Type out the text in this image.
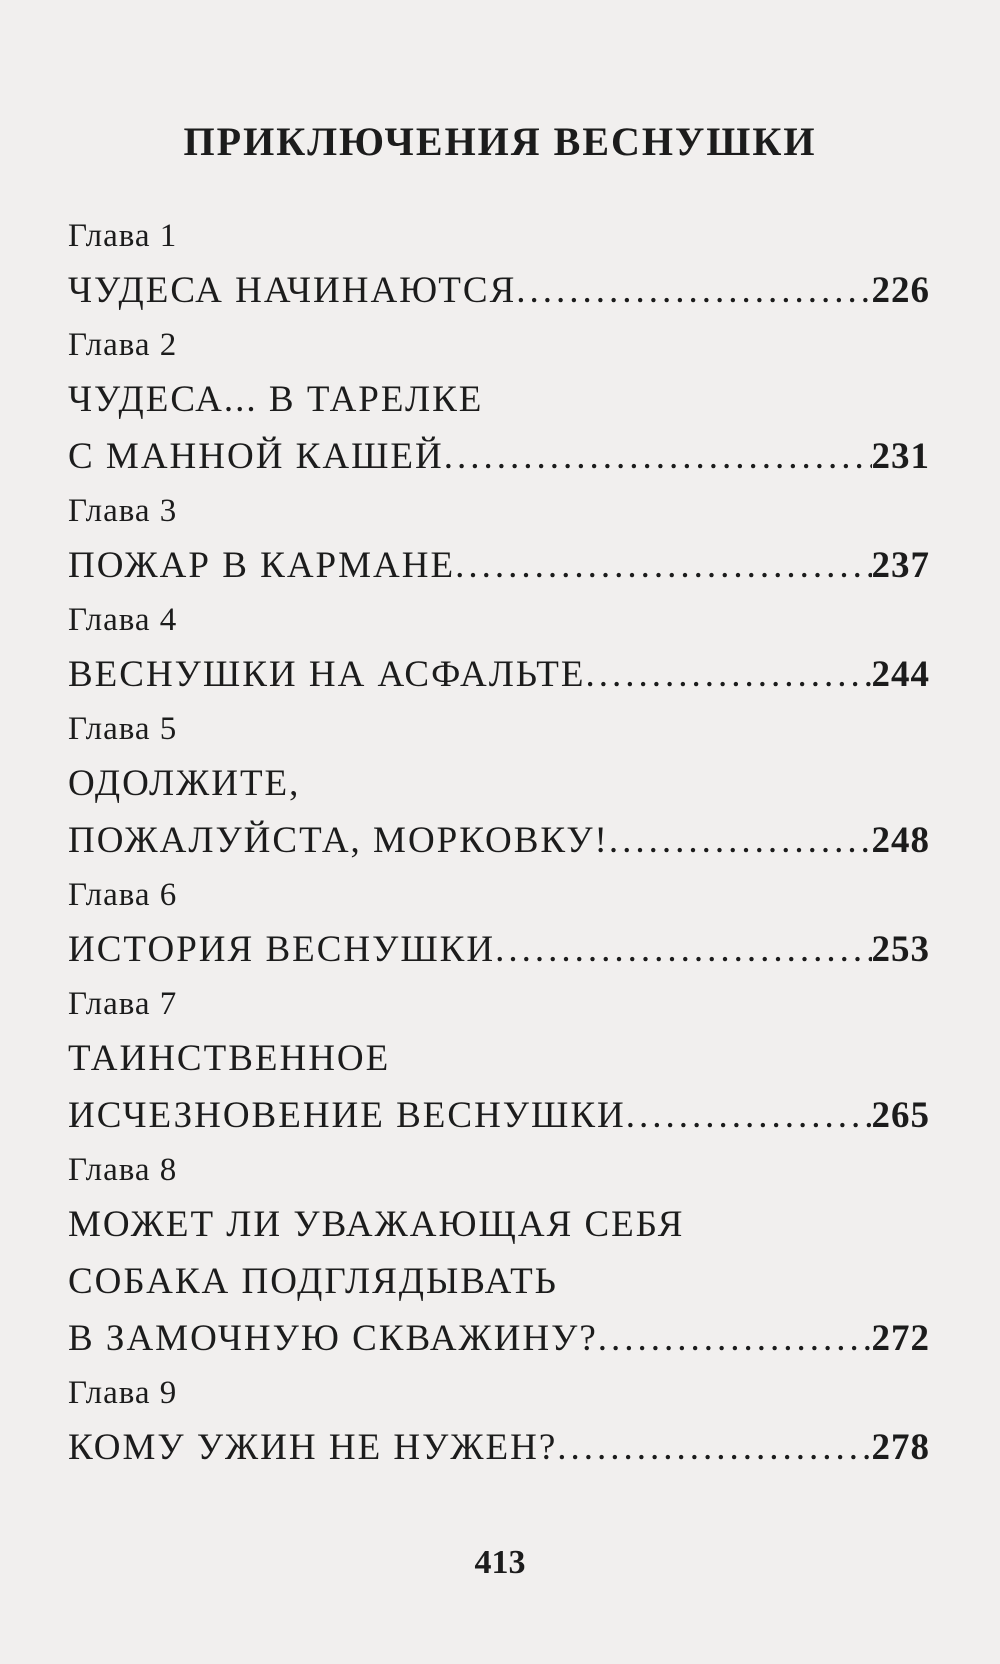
ПРИКЛЮЧЕНИЯ ВЕСНУШКИ
Глава 1
ЧУДЕСА НАЧИНАЮТСЯ .....	226
Глава 2
ЧУДЕСА... В ТАРЕЛКЕ
С МАННОЙ КАШЕЙ .....	231
Глава 3
ПОЖАР В КАРМАНЕ .....	237
Глава 4
ВЕСНУШКИ НА АСФАЛЬТЕ .....	244
Глава 5
ОДОЛЖИТЕ,
ПОЖАЛУЙСТА, МОРКОВКУ! .....	248
Глава 6
ИСТОРИЯ ВЕСНУШКИ .....	253
Глава 7
ТАИНСТВЕННОЕ
ИСЧЕЗНОВЕНИЕ ВЕСНУШКИ .....	265
Глава 8
МОЖЕТ ЛИ УВАЖАЮЩАЯ СЕБЯ
СОБАКА ПОДГЛЯДЫВАТЬ
В ЗАМОЧНУЮ СКВАЖИНУ? .....	272
Глава 9
КОМУ УЖИН НЕ НУЖЕН? .....	278
413
